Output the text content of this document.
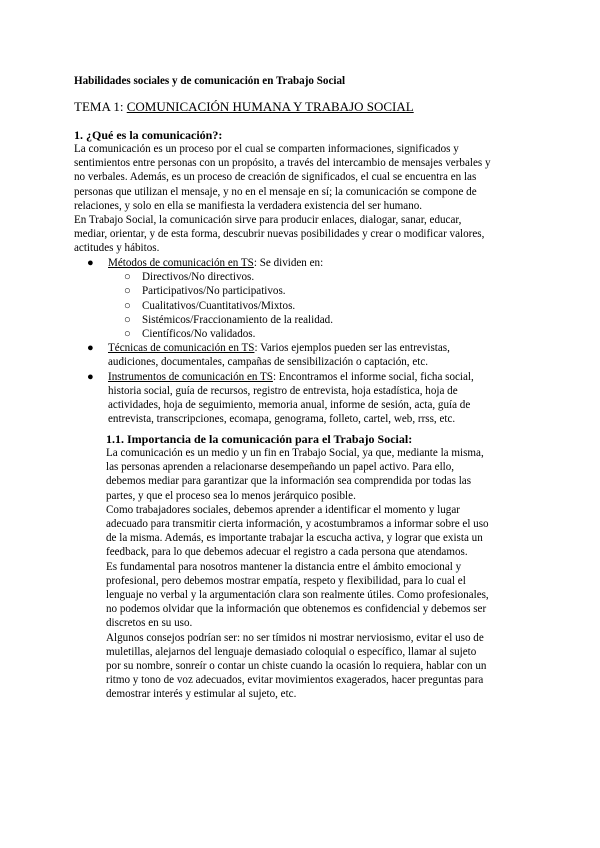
Habilidades sociales y de comunicación en Trabajo Social
TEMA 1: COMUNICACIÓN HUMANA Y TRABAJO SOCIAL
1. ¿Qué es la comunicación?:

La comunicación es un proceso por el cual se comparten informaciones, significados y

sentimientos entre personas con un propósito, a través del intercambio de mensajes verbales y

no verbales. Además, es un proceso de creación de significados, el cual se encuentra en las

personas que utilizan el mensaje, y no en el mensaje en sí; la comunicación se compone de

relaciones, y solo en ella se manifiesta la verdadera existencia del ser humano.

En Trabajo Social, la comunicación sirve para producir enlaces, dialogar, sanar, educar,

mediar, orientar, y de esta forma, descubrir nuevas posibilidades y crear o modificar valores,

actitudes y hábitos.

● Métodos de comunicación en TS: Se dividen en:
○ Directivos/No directivos.
○ Participativos/No participativos.
○ Cualitativos/Cuantitativos/Mixtos.
○ Sistémicos/Fraccionamiento de la realidad.
○ Científicos/No validados.
● Técnicas de comunicación en TS: Varios ejemplos pueden ser las entrevistas,
audiciones, documentales, campañas de sensibilización o captación, etc.
● Instrumentos de comunicación en TS: Encontramos el informe social, ficha social,
historia social, guía de recursos, registro de entrevista, hoja estadística, hoja de
actividades, hoja de seguimiento, memoria anual, informe de sesión, acta, guía de
entrevista, transcripciones, ecomapa, genograma, folleto, cartel, web, rrss, etc.
1.1. Importancia de la comunicación para el Trabajo Social:

La comunicación es un medio y un fin en Trabajo Social, ya que, mediante la misma,

las personas aprenden a relacionarse desempeñando un papel activo. Para ello,

debemos mediar para garantizar que la información sea comprendida por todas las

partes, y que el proceso sea lo menos jerárquico posible.

Como trabajadores sociales, debemos aprender a identificar el momento y lugar

adecuado para transmitir cierta información, y acostumbramos a informar sobre el uso

de la misma. Además, es importante trabajar la escucha activa, y lograr que exista un

feedback, para lo que debemos adecuar el registro a cada persona que atendamos.

Es fundamental para nosotros mantener la distancia entre el ámbito emocional y

profesional, pero debemos mostrar empatía, respeto y flexibilidad, para lo cual el

lenguaje no verbal y la argumentación clara son realmente útiles. Como profesionales,

no podemos olvidar que la información que obtenemos es confidencial y debemos ser

discretos en su uso.

Algunos consejos podrían ser: no ser tímidos ni mostrar nerviosismo, evitar el uso de

muletillas, alejarnos del lenguaje demasiado coloquial o específico, llamar al sujeto

por su nombre, sonreír o contar un chiste cuando la ocasión lo requiera, hablar con un

ritmo y tono de voz adecuados, evitar movimientos exagerados, hacer preguntas para

demostrar interés y estimular al sujeto, etc.
